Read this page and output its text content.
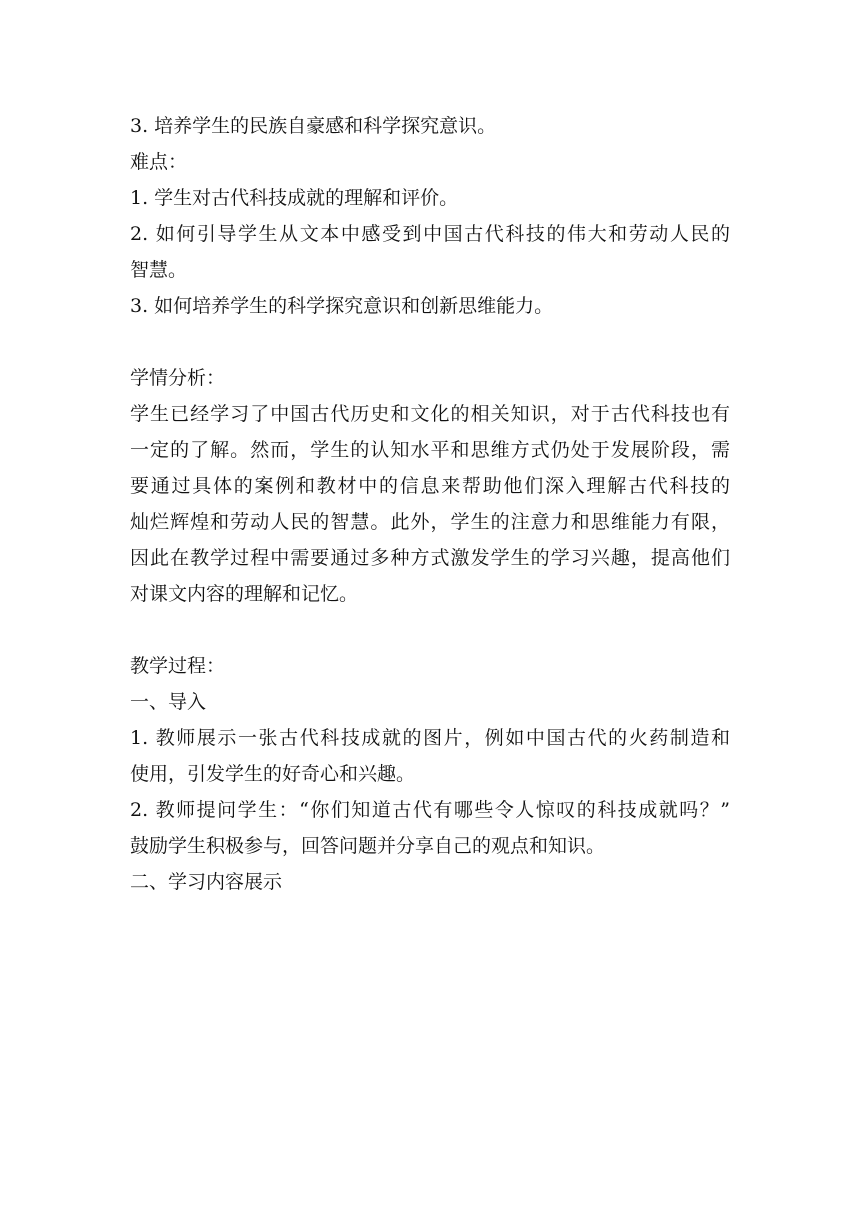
3. 培养学生的民族自豪感和科学探究意识。
难点：
1. 学生对古代科技成就的理解和评价。
2. 如何引导学生从文本中感受到中国古代科技的伟大和劳动人民的
智慧。
3. 如何培养学生的科学探究意识和创新思维能力。
学情分析：
学生已经学习了中国古代历史和文化的相关知识，对于古代科技也有
一定的了解。然而，学生的认知水平和思维方式仍处于发展阶段，需
要通过具体的案例和教材中的信息来帮助他们深入理解古代科技的
灿烂辉煌和劳动人民的智慧。此外，学生的注意力和思维能力有限，
因此在教学过程中需要通过多种方式激发学生的学习兴趣，提高他们
对课文内容的理解和记忆。
教学过程：
一、导入
1. 教师展示一张古代科技成就的图片，例如中国古代的火药制造和
使用，引发学生的好奇心和兴趣。
2. 教师提问学生：“你们知道古代有哪些令人惊叹的科技成就吗？”
鼓励学生积极参与，回答问题并分享自己的观点和知识。
二、学习内容展示
